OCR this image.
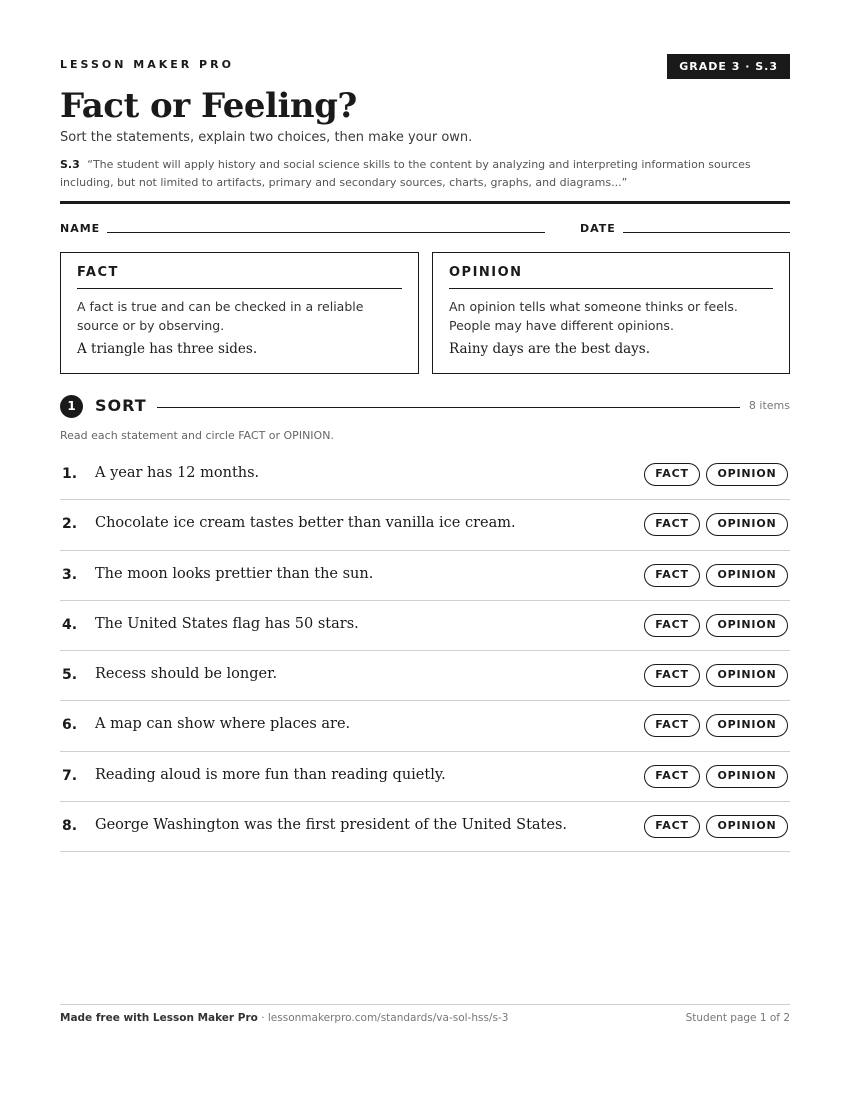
LESSON MAKER PRO	GRADE 3 · S.3
Fact or Feeling?
Sort the statements, explain two choices, then make your own.
S.3 “The student will apply history and social science skills to the content by analyzing and interpreting information sources including, but not limited to artifacts, primary and secondary sources, charts, graphs, and diagrams...”
NAME	DATE
FACT
A fact is true and can be checked in a reliable source or by observing.
A triangle has three sides.
OPINION
An opinion tells what someone thinks or feels. People may have different opinions.
Rainy days are the best days.
1	SORT	8 items
Read each statement and circle FACT or OPINION.
1. A year has 12 months.	FACT	OPINION
2. Chocolate ice cream tastes better than vanilla ice cream.	FACT	OPINION
3. The moon looks prettier than the sun.	FACT	OPINION
4. The United States flag has 50 stars.	FACT	OPINION
5. Recess should be longer.	FACT	OPINION
6. A map can show where places are.	FACT	OPINION
7. Reading aloud is more fun than reading quietly.	FACT	OPINION
8. George Washington was the first president of the United States.	FACT	OPINION
Made free with Lesson Maker Pro · lessonmakerpro.com/standards/va-sol-hss/s-3	Student page 1 of 2
